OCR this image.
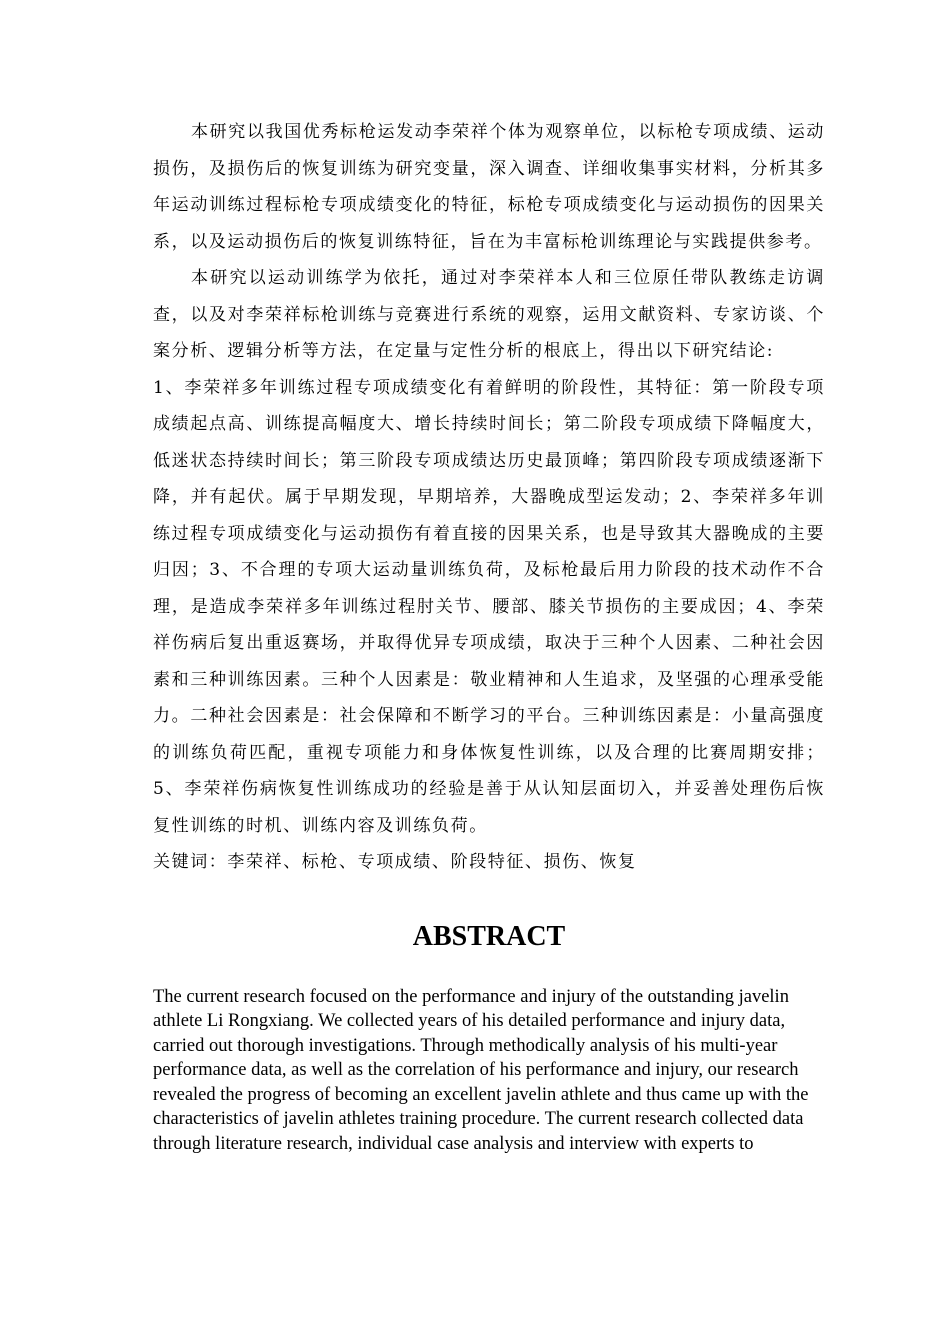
本研究以我国优秀标枪运发动李荣祥个体为观察单位，以标枪专项成绩、运动损伤，及损伤后的恢复训练为研究变量，深入调查、详细收集事实材料，分析其多年运动训练过程标枪专项成绩变化的特征，标枪专项成绩变化与运动损伤的因果关系，以及运动损伤后的恢复训练特征，旨在为丰富标枪训练理论与实践提供参考。

本研究以运动训练学为依托，通过对李荣祥本人和三位原任带队教练走访调查，以及对李荣祥标枪训练与竞赛进行系统的观察，运用文献资料、专家访谈、个案分析、逻辑分析等方法，在定量与定性分析的根底上，得出以下研究结论:

1、李荣祥多年训练过程专项成绩变化有着鲜明的阶段性，其特征：第一阶段专项成绩起点高、训练提高幅度大、增长持续时间长；第二阶段专项成绩下降幅度大，低迷状态持续时间长；第三阶段专项成绩达历史最顶峰；第四阶段专项成绩逐渐下降，并有起伏。属于早期发现，早期培养，大器晚成型运发动；2、李荣祥多年训练过程专项成绩变化与运动损伤有着直接的因果关系，也是导致其大器晚成的主要归因；3、不合理的专项大运动量训练负荷，及标枪最后用力阶段的技术动作不合理，是造成李荣祥多年训练过程肘关节、腰部、膝关节损伤的主要成因；4、李荣祥伤病后复出重返赛场，并取得优异专项成绩，取决于三种个人因素、二种社会因素和三种训练因素。三种个人因素是：敬业精神和人生追求，及坚强的心理承受能力。二种社会因素是：社会保障和不断学习的平台。三种训练因素是：小量高强度的训练负荷匹配，重视专项能力和身体恢复性训练，以及合理的比赛周期安排；5、李荣祥伤病恢复性训练成功的经验是善于从认知层面切入，并妥善处理伤后恢复性训练的时机、训练内容及训练负荷。

关键词：李荣祥、标枪、专项成绩、阶段特征、损伤、恢复

ABSTRACT

The current research focused on the performance and injury of the outstanding javelin athlete Li Rongxiang. We collected years of his detailed performance and injury data, carried out thorough investigations. Through methodically analysis of his multi-year performance data, as well as the correlation of his performance and injury, our research revealed the progress of becoming an excellent javelin athlete and thus came up with the characteristics of javelin athletes training procedure. The current research collected data through literature research, individual case analysis and interview with experts to
